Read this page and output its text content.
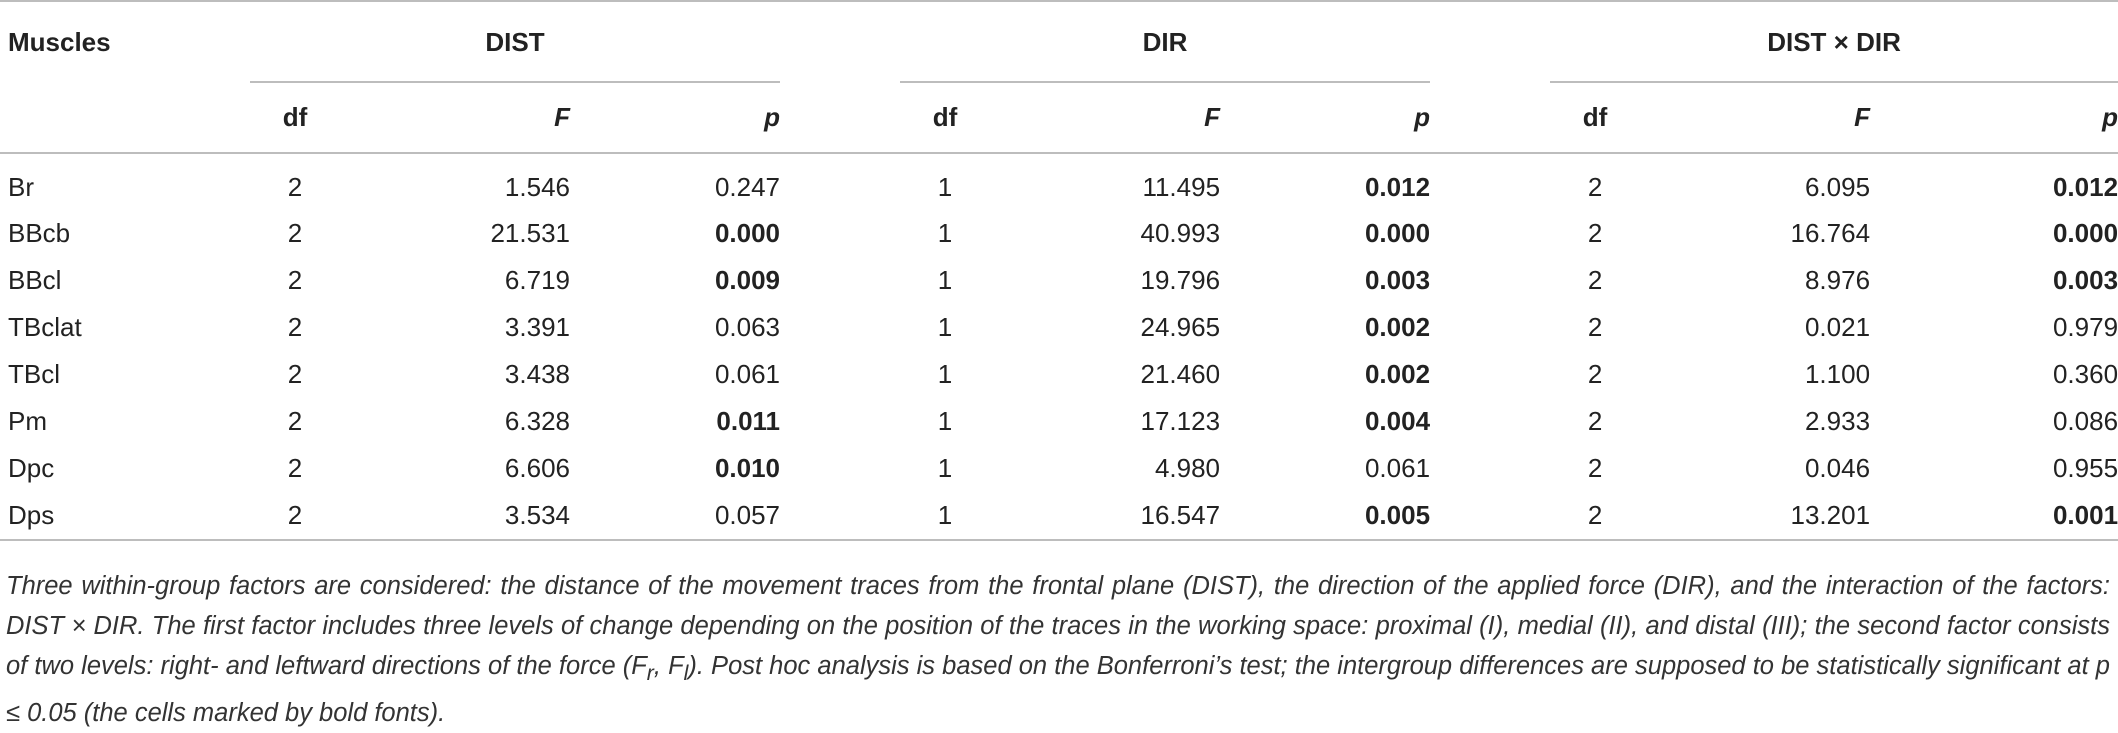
Muscles	DIST				DIR				DIST × DIR		

	df	F	p		df	F	p		df	F	p
Br	2	1.546	0.247		1	11.495	0.012		2	6.095	0.012
BBcb	2	21.531	0.000		1	40.993	0.000		2	16.764	0.000
BBcl	2	6.719	0.009		1	19.796	0.003		2	8.976	0.003
TBclat	2	3.391	0.063		1	24.965	0.002		2	0.021	0.979
TBcl	2	3.438	0.061		1	21.460	0.002		2	1.100	0.360
Pm	2	6.328	0.011		1	17.123	0.004		2	2.933	0.086
Dpc	2	6.606	0.010		1	4.980	0.061		2	0.046	0.955
Dps	2	3.534	0.057		1	16.547	0.005		2	13.201	0.001
Three within-group factors are considered: the distance of the movement traces from the frontal plane (DIST), the direction of the applied force (DIR), and the interaction of the factors: DIST × DIR. The first factor includes three levels of change depending on the position of the traces in the working space: proximal (I), medial (II), and distal (III); the second factor consists of two levels: right- and leftward directions of the force ($F_r$, $F_l$). Post hoc analysis is based on the Bonferroni’s test; the intergroup differences are supposed to be statistically significant at p ≤ 0.05 (the cells marked by bold fonts).
